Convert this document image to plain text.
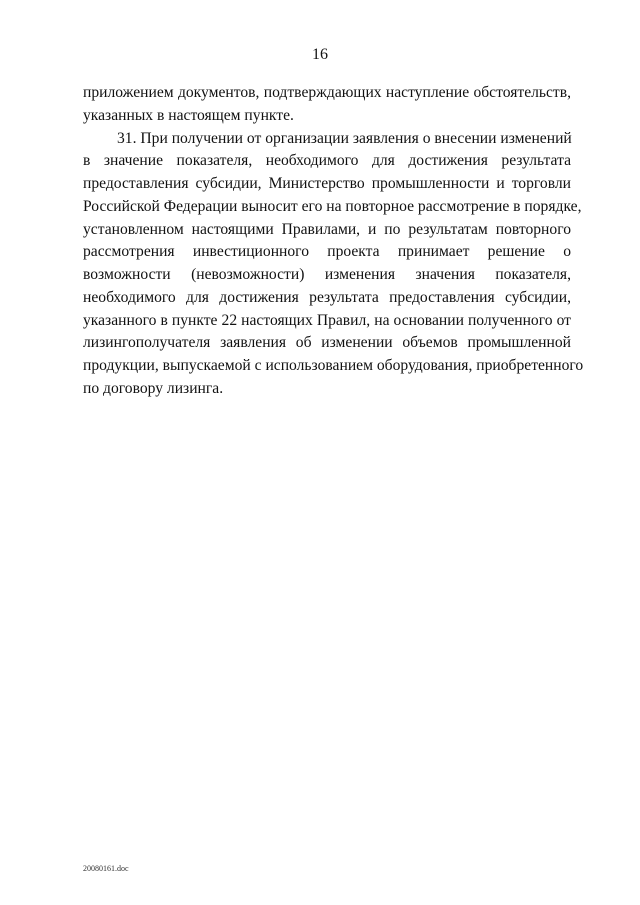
16
приложением документов, подтверждающих наступление обстоятельств,
указанных в настоящем пункте.
31. При получении от организации заявления о внесении изменений
в значение показателя, необходимого для достижения результата
предоставления субсидии, Министерство промышленности и торговли
Российской Федерации выносит его на повторное рассмотрение в порядке,
установленном настоящими Правилами, и по результатам повторного
рассмотрения инвестиционного проекта принимает решение о
возможности (невозможности) изменения значения показателя,
необходимого для достижения результата предоставления субсидии,
указанного в пункте 22 настоящих Правил, на основании полученного от
лизингополучателя заявления об изменении объемов промышленной
продукции, выпускаемой с использованием оборудования, приобретенного
по договору лизинга.
20080161.doc
